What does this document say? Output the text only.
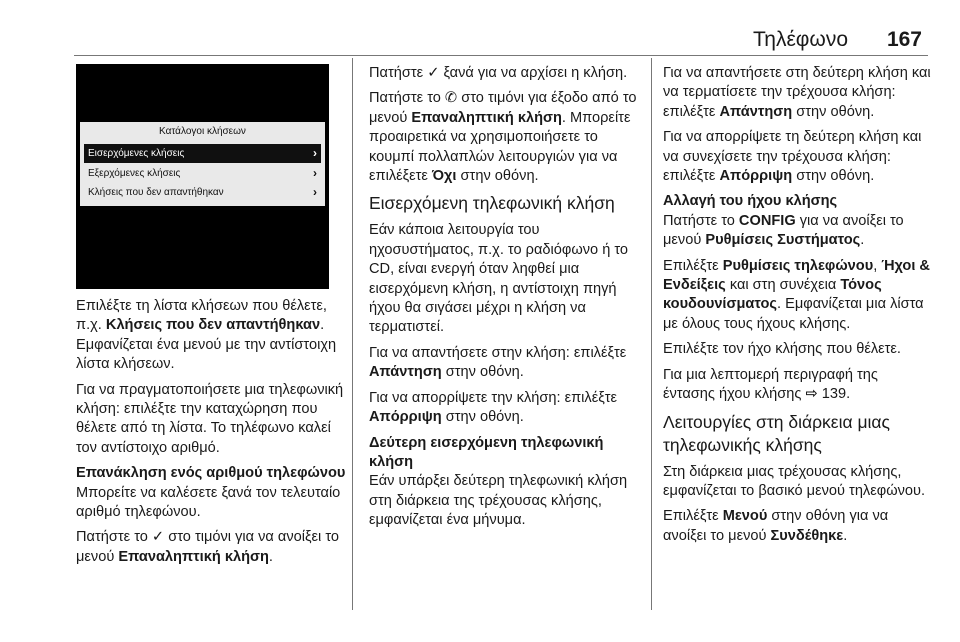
Τηλέφωνο 167
Κατάλογοι κλήσεων
Εισερχόμενες κλήσεις	›
Εξερχόμενες κλήσεις	›
Κλήσεις που δεν απαντήθηκαν	›

Επιλέξτε τη λίστα κλήσεων που θέλετε, π.χ. Κλήσεις που δεν απαντήθηκαν. Εμφανίζεται ένα μενού με την αντίστοιχη λίστα κλήσεων.

Για να πραγματοποιήσετε μια τηλεφωνική κλήση: επιλέξτε την καταχώρηση που θέλετε από τη λίστα. Το τηλέφωνο καλεί τον αντίστοιχο αριθμό.

Επανάκληση ενός αριθμού τηλεφώνου

Μπορείτε να καλέσετε ξανά τον τελευταίο αριθμό τηλεφώνου.

Πατήστε το ✓ στο τιμόνι για να ανοίξει το μενού Επαναληπτική κλήση.

Πατήστε ✓ ξανά για να αρχίσει η κλήση.

Πατήστε το ✆ στο τιμόνι για έξοδο από το μενού Επαναληπτική κλήση. Μπορείτε προαιρετικά να χρησιμοποιήσετε το κουμπί πολλαπλών λειτουργιών για να επιλέξετε Όχι στην οθόνη.

Εισερχόμενη τηλεφωνική κλήση

Εάν κάποια λειτουργία του ηχοσυστήματος, π.χ. το ραδιόφωνο ή το CD, είναι ενεργή όταν ληφθεί μια εισερχόμενη κλήση, η αντίστοιχη πηγή ήχου θα σιγάσει μέχρι η κλήση να τερματιστεί.

Για να απαντήσετε στην κλήση: επιλέξτε Απάντηση στην οθόνη.

Για να απορρίψετε την κλήση: επιλέξτε Απόρριψη στην οθόνη.

Δεύτερη εισερχόμενη τηλεφωνική κλήση

Εάν υπάρξει δεύτερη τηλεφωνική κλήση στη διάρκεια της τρέχουσας κλήσης, εμφανίζεται ένα μήνυμα.

Για να απαντήσετε στη δεύτερη κλήση και να τερματίσετε την τρέχουσα κλήση: επιλέξτε Απάντηση στην οθόνη.

Για να απορρίψετε τη δεύτερη κλήση και να συνεχίσετε την τρέχουσα κλήση: επιλέξτε Απόρριψη στην οθόνη.

Αλλαγή του ήχου κλήσης

Πατήστε το CONFIG για να ανοίξει το μενού Ρυθμίσεις Συστήματος.

Επιλέξτε Ρυθμίσεις τηλεφώνου, Ήχοι & Ενδείξεις και στη συνέχεια Τόνος κουδουνίσματος. Εμφανίζεται μια λίστα με όλους τους ήχους κλήσης.

Επιλέξτε τον ήχο κλήσης που θέλετε.

Για μια λεπτομερή περιγραφή της έντασης ήχου κλήσης ⇨ 139.

Λειτουργίες στη διάρκεια μιας τηλεφωνικής κλήσης

Στη διάρκεια μιας τρέχουσας κλήσης, εμφανίζεται το βασικό μενού τηλεφώνου.

Επιλέξτε Μενού στην οθόνη για να ανοίξει το μενού Συνδέθηκε.
